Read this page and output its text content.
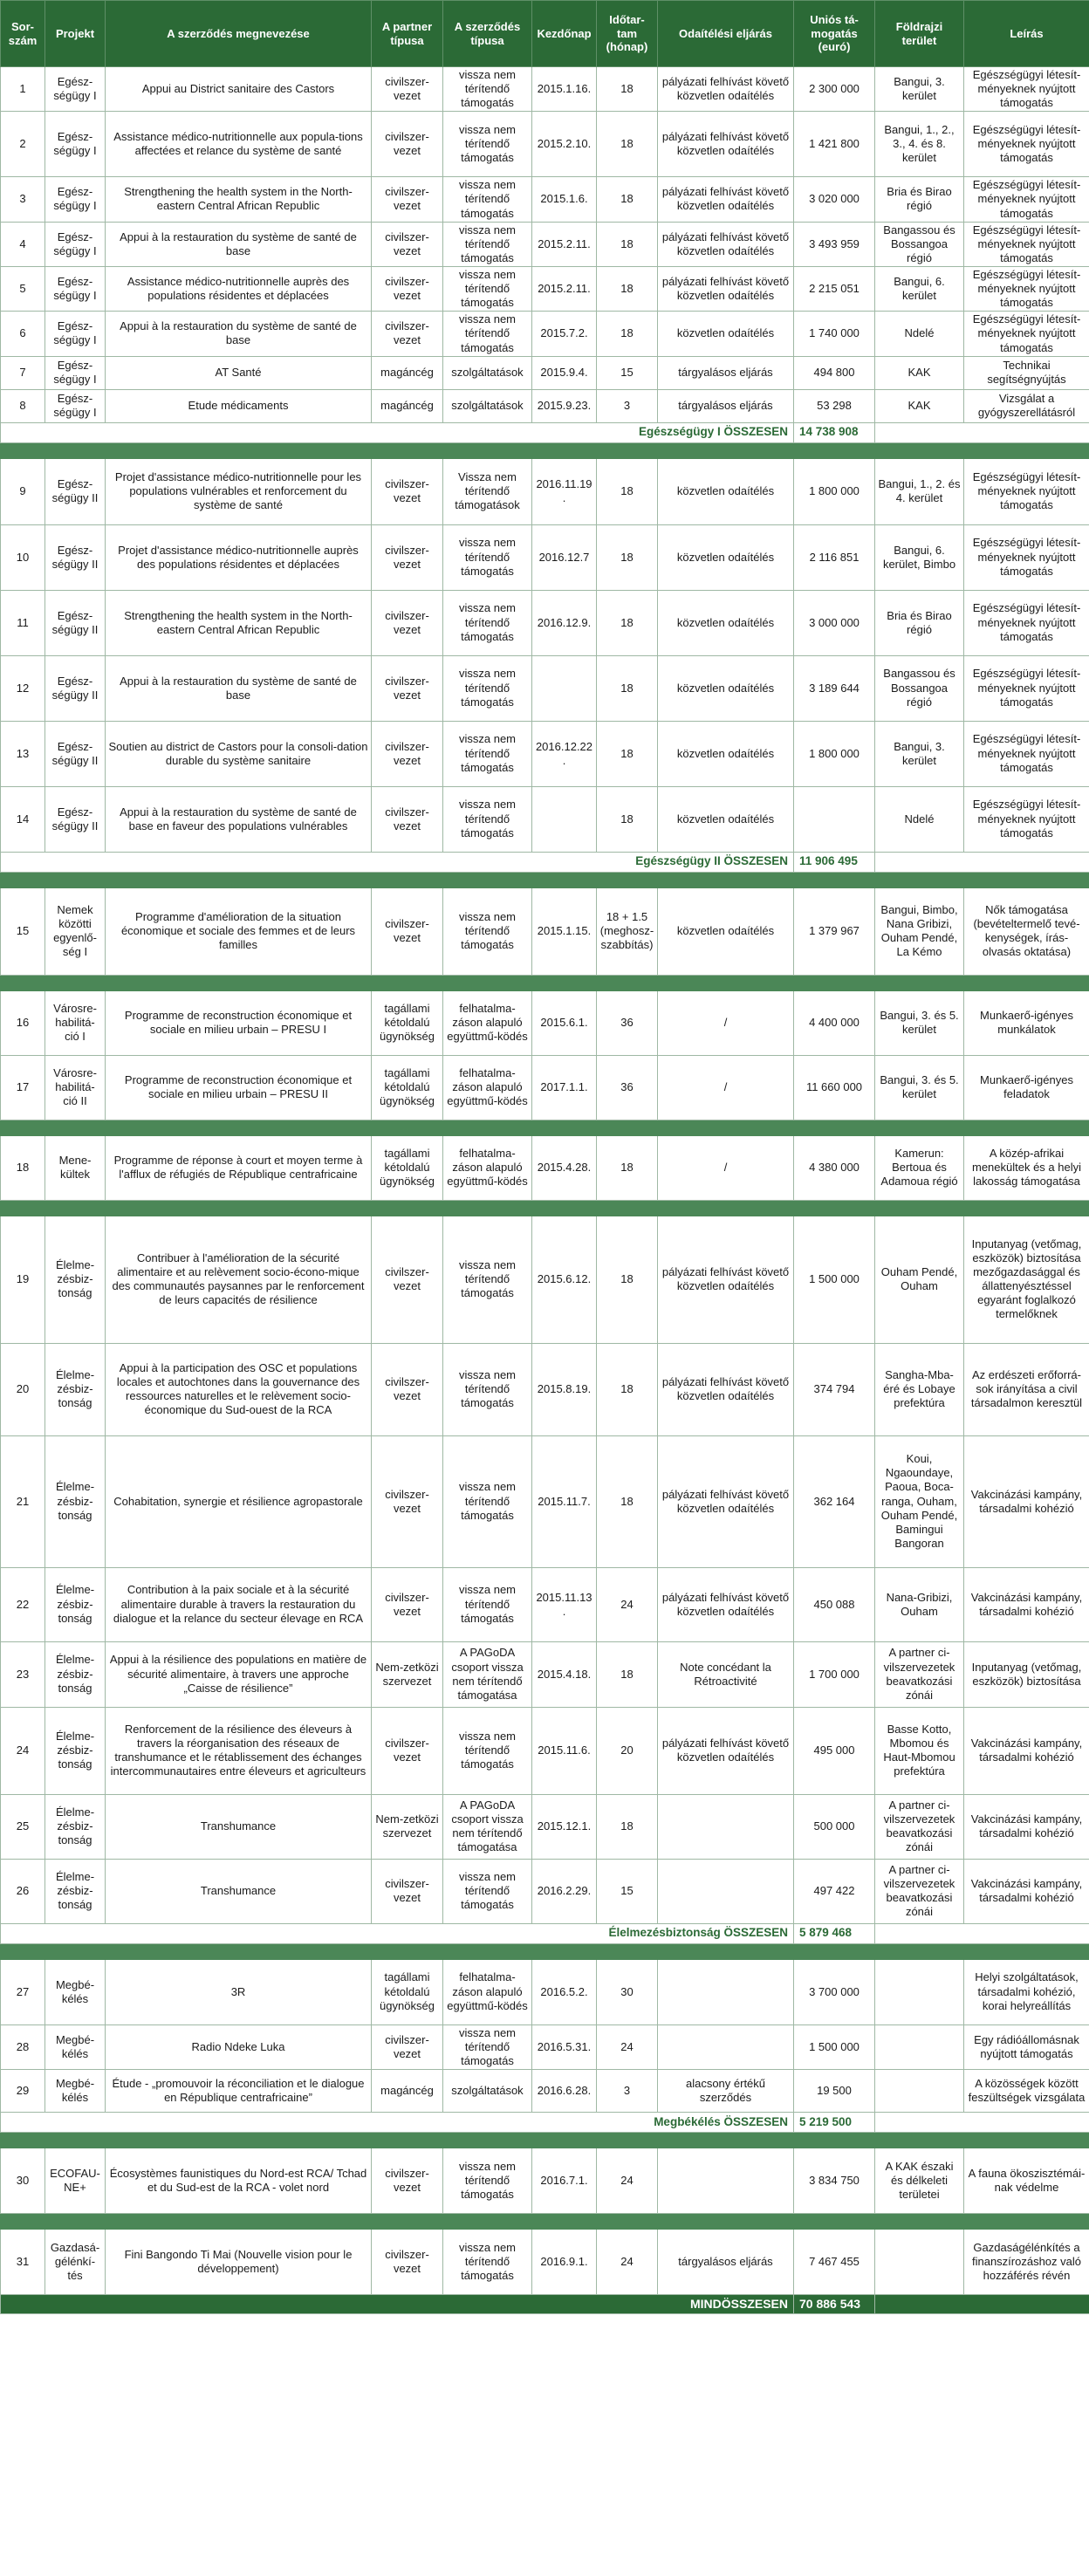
Sor-szám	Projekt	A szerződés megnevezése	A partner típusa	A szerződés típusa	Kezdőnap	Időtar-tam (hónap)	Odaítélési eljárás	Uniós tá-mogatás (euró)	Földrajzi terület	Leírás
1	Egész-ségügy I	Appui au District sanitaire des Castors	civilszer-vezet	vissza nem térítendő támogatás	2015.1.16.	18	pályázati felhívást követő közvetlen odaítélés	2 300 000	Bangui, 3. kerület	Egészségügyi létesít-ményeknek nyújtott támogatás
2	Egész-ségügy I	Assistance médico-nutritionnelle aux popula-tions affectées et relance du système de santé	civilszer-vezet	vissza nem térítendő támogatás	2015.2.10.	18	pályázati felhívást követő közvetlen odaítélés	1 421 800	Bangui, 1., 2., 3., 4. és 8. kerület	Egészségügyi létesít-ményeknek nyújtott támogatás
3	Egész-ségügy I	Strengthening the health system in the North-eastern Central African Republic	civilszer-vezet	vissza nem térítendő támogatás	2015.1.6.	18	pályázati felhívást követő közvetlen odaítélés	3 020 000	Bria és Birao régió	Egészségügyi létesít-ményeknek nyújtott támogatás
4	Egész-ségügy I	Appui à la restauration du système de santé de base	civilszer-vezet	vissza nem térítendő támogatás	2015.2.11.	18	pályázati felhívást követő közvetlen odaítélés	3 493 959	Bangassou és Bossangoa régió	Egészségügyi létesít-ményeknek nyújtott támogatás
5	Egész-ségügy I	Assistance médico-nutritionnelle auprès des populations résidentes et déplacées	civilszer-vezet	vissza nem térítendő támogatás	2015.2.11.	18	pályázati felhívást követő közvetlen odaítélés	2 215 051	Bangui, 6. kerület	Egészségügyi létesít-ményeknek nyújtott támogatás
6	Egész-ségügy I	Appui à la restauration du système de santé de base	civilszer-vezet	vissza nem térítendő támogatás	2015.7.2.	18	közvetlen odaítélés	1 740 000	Ndelé	Egészségügyi létesít-ményeknek nyújtott támogatás
7	Egész-ségügy I	AT Santé	magáncég	szolgáltatások	2015.9.4.	15	tárgyalásos eljárás	494 800	KAK	Technikai segítségnyújtás
8	Egész-ségügy I	Etude médicaments	magáncég	szolgáltatások	2015.9.23.	3	tárgyalásos eljárás	53 298	KAK	Vizsgálat a gyógyszerellátásról
Egészségügy I ÖSSZESEN								14 738 908		

9	Egész-ségügy II	Projet d'assistance médico-nutritionnelle pour les populations vulnérables et renforcement du système de santé	civilszer-vezet	Vissza nem térítendő támogatások	2016.11.19.	18	közvetlen odaítélés	1 800 000	Bangui, 1., 2. és 4. kerület	Egészségügyi létesít-ményeknek nyújtott támogatás
10	Egész-ségügy II	Projet d'assistance médico-nutritionnelle auprès des populations résidentes et déplacées	civilszer-vezet	vissza nem térítendő támogatás	2016.12.7	18	közvetlen odaítélés	2 116 851	Bangui, 6. kerület, Bimbo	Egészségügyi létesít-ményeknek nyújtott támogatás
11	Egész-ségügy II	Strengthening the health system in the North-eastern Central African Republic	civilszer-vezet	vissza nem térítendő támogatás	2016.12.9.	18	közvetlen odaítélés	3 000 000	Bria és Birao régió	Egészségügyi létesít-ményeknek nyújtott támogatás
12	Egész-ségügy II	Appui à la restauration du système de santé de base	civilszer-vezet	vissza nem térítendő támogatás		18	közvetlen odaítélés	3 189 644	Bangassou és Bossangoa régió	Egészségügyi létesít-ményeknek nyújtott támogatás
13	Egész-ségügy II	Soutien au district de Castors pour la consoli-dation durable du système sanitaire	civilszer-vezet	vissza nem térítendő támogatás	2016.12.22.	18	közvetlen odaítélés	1 800 000	Bangui, 3. kerület	Egészségügyi létesít-ményeknek nyújtott támogatás
14	Egész-ségügy II	Appui à la restauration du système de santé de base en faveur des populations vulnérables	civilszer-vezet	vissza nem térítendő támogatás		18	közvetlen odaítélés		Ndelé	Egészségügyi létesít-ményeknek nyújtott támogatás
Egészségügy II ÖSSZESEN								11 906 495		

15	Nemek közötti egyenlő-ség I	Programme d'amélioration de la situation économique et sociale des femmes et de leurs familles	civilszer-vezet	vissza nem térítendő támogatás	2015.1.15.	18 + 1.5 (meghosz-szabbítás)	közvetlen odaítélés	1 379 967	Bangui, Bimbo, Nana Gribizi, Ouham Pendé, La Kémo	Nők támogatása (bevételtermelő tevé-kenységek, írás-olvasás oktatása)

16	Városre-habilitá-ció I	Programme de reconstruction économique et sociale en milieu urbain – PRESU I	tagállami kétoldalú ügynökség	felhatalma-záson alapuló együttmű-ködés	2015.6.1.	36	/	4 400 000	Bangui, 3. és 5. kerület	Munkaerő-igényes munkálatok
17	Városre-habilitá-ció II	Programme de reconstruction économique et sociale en milieu urbain – PRESU II	tagállami kétoldalú ügynökség	felhatalma-záson alapuló együttmű-ködés	2017.1.1.	36	/	11 660 000	Bangui, 3. és 5. kerület	Munkaerő-igényes feladatok

18	Mene-kültek	Programme de réponse à court et moyen terme à l'afflux de réfugiés de République centrafricaine	tagállami kétoldalú ügynökség	felhatalma-záson alapuló együttmű-ködés	2015.4.28.	18	/	4 380 000	Kamerun: Bertoua és Adamoua régió	A közép-afrikai menekültek és a helyi lakosság támogatása

19	Élelme-zésbiz-tonság	Contribuer à l'amélioration de la sécurité alimentaire et au relèvement socio-écono-mique des communautés paysannes par le renforcement de leurs capacités de résilience	civilszer-vezet	vissza nem térítendő támogatás	2015.6.12.	18	pályázati felhívást követő közvetlen odaítélés	1 500 000	Ouham Pendé, Ouham	Inputanyag (vetőmag, eszközök) biztosítása mezőgazdasággal és állattenyésztéssel egyaránt foglalkozó termelőknek
20	Élelme-zésbiz-tonság	Appui à la participation des OSC et populations locales et autochtones dans la gouvernance des ressources naturelles et le relèvement socio-économique du Sud-ouest de la RCA	civilszer-vezet	vissza nem térítendő támogatás	2015.8.19.	18	pályázati felhívást követő közvetlen odaítélés	374 794	Sangha-Mba-éré és Lobaye prefektúra	Az erdészeti erőforrá-sok irányítása a civil társadalmon keresztül
21	Élelme-zésbiz-tonság	Cohabitation, synergie et résilience agropastorale	civilszer-vezet	vissza nem térítendő támogatás	2015.11.7.	18	pályázati felhívást követő közvetlen odaítélés	362 164	Koui, Ngaoundaye, Paoua, Boca-ranga, Ouham, Ouham Pendé, Bamingui Bangoran	Vakcinázási kampány, társadalmi kohézió
22	Élelme-zésbiz-tonság	Contribution à la paix sociale et à la sécurité alimentaire durable à travers la restauration du dialogue et la relance du secteur élevage en RCA	civilszer-vezet	vissza nem térítendő támogatás	2015.11.13.	24	pályázati felhívást követő közvetlen odaítélés	450 088	Nana-Gribizi, Ouham	Vakcinázási kampány, társadalmi kohézió
23	Élelme-zésbiz-tonság	Appui à la résilience des populations en matière de sécurité alimentaire, à travers une approche „Caisse de résilience”	Nem-zetközi szervezet	A PAGoDA csoport vissza nem térítendő támogatása	2015.4.18.	18	Note concédant la Rétroactivité	1 700 000	A partner ci-vilszervezetek beavatkozási zónái	Inputanyag (vetőmag, eszközök) biztosítása
24	Élelme-zésbiz-tonság	Renforcement de la résilience des éleveurs à travers la réorganisation des réseaux de transhumance et le rétablissement des échanges intercommunautaires entre éleveurs et agriculteurs	civilszer-vezet	vissza nem térítendő támogatás	2015.11.6.	20	pályázati felhívást követő közvetlen odaítélés	495 000	Basse Kotto, Mbomou és Haut-Mbomou prefektúra	Vakcinázási kampány, társadalmi kohézió
25	Élelme-zésbiz-tonság	Transhumance	Nem-zetközi szervezet	A PAGoDA csoport vissza nem térítendő támogatása	2015.12.1.	18		500 000	A partner ci-vilszervezetek beavatkozási zónái	Vakcinázási kampány, társadalmi kohézió
26	Élelme-zésbiz-tonság	Transhumance	civilszer-vezet	vissza nem térítendő támogatás	2016.2.29.	15		497 422	A partner ci-vilszervezetek beavatkozási zónái	Vakcinázási kampány, társadalmi kohézió
Élelmezésbiztonság ÖSSZESEN								5 879 468		

27	Megbé-kélés	3R	tagállami kétoldalú ügynökség	felhatalma-záson alapuló együttmű-ködés	2016.5.2.	30		3 700 000		Helyi szolgáltatások, társadalmi kohézió, korai helyreállítás
28	Megbé-kélés	Radio Ndeke Luka	civilszer-vezet	vissza nem térítendő támogatás	2016.5.31.	24		1 500 000		Egy rádióállomásnak nyújtott támogatás
29	Megbé-kélés	Étude - „promouvoir la réconciliation et le dialogue en République centrafricaine”	magáncég	szolgáltatások	2016.6.28.	3	alacsony értékű szerződés	19 500		A közösségek között feszültségek vizsgálata
Megbékélés ÖSSZESEN								5 219 500		

30	ECOFAU-NE+	Écosystèmes faunistiques du Nord-est RCA/ Tchad et du Sud-est de la RCA - volet nord	civilszer-vezet	vissza nem térítendő támogatás	2016.7.1.	24		3 834 750	A KAK északi és délkeleti területei	A fauna ökoszisztémái-nak védelme

31	Gazdasá-gélénkí-tés	Fini Bangondo Ti Mai (Nouvelle vision pour le développement)	civilszer-vezet	vissza nem térítendő támogatás	2016.9.1.	24	tárgyalásos eljárás	7 467 455		Gazdaságélénkítés a finanszírozáshoz való hozzáférés révén
MINDÖSSZESEN								70 886 543		
